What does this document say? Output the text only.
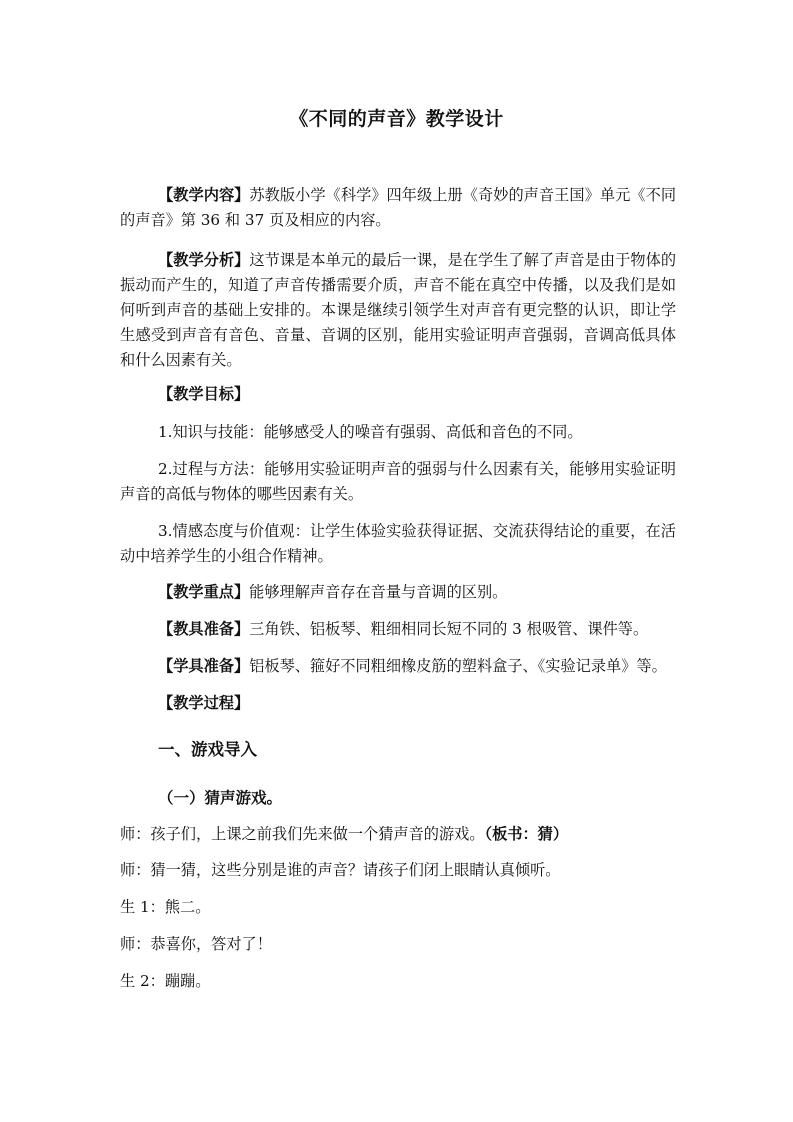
《不同的声音》教学设计

【教学内容】苏教版小学《科学》四年级上册《奇妙的声音王国》单元《不同的声音》第 36 和 37 页及相应的内容。

【教学分析】这节课是本单元的最后一课，是在学生了解了声音是由于物体的振动而产生的，知道了声音传播需要介质，声音不能在真空中传播，以及我们是如何听到声音的基础上安排的。本课是继续引领学生对声音有更完整的认识，即让学生感受到声音有音色、音量、音调的区别，能用实验证明声音强弱，音调高低具体和什么因素有关。

【教学目标】

1.知识与技能：能够感受人的噪音有强弱、高低和音色的不同。

2.过程与方法：能够用实验证明声音的强弱与什么因素有关，能够用实验证明声音的高低与物体的哪些因素有关。

3.情感态度与价值观：让学生体验实验获得证据、交流获得结论的重要，在活动中培养学生的小组合作精神。

【教学重点】能够理解声音存在音量与音调的区别。

【教具准备】三角铁、铝板琴、粗细相同长短不同的 3 根吸管、课件等。

【学具准备】铝板琴、箍好不同粗细橡皮筋的塑料盒子、《实验记录单》等。

【教学过程】

一、游戏导入

（一）猜声游戏。

师：孩子们，上课之前我们先来做一个猜声音的游戏。（板书：猜）

师：猜一猜，这些分别是谁的声音？请孩子们闭上眼睛认真倾听。

生 1：熊二。

师：恭喜你，答对了！

生 2：蹦蹦。
